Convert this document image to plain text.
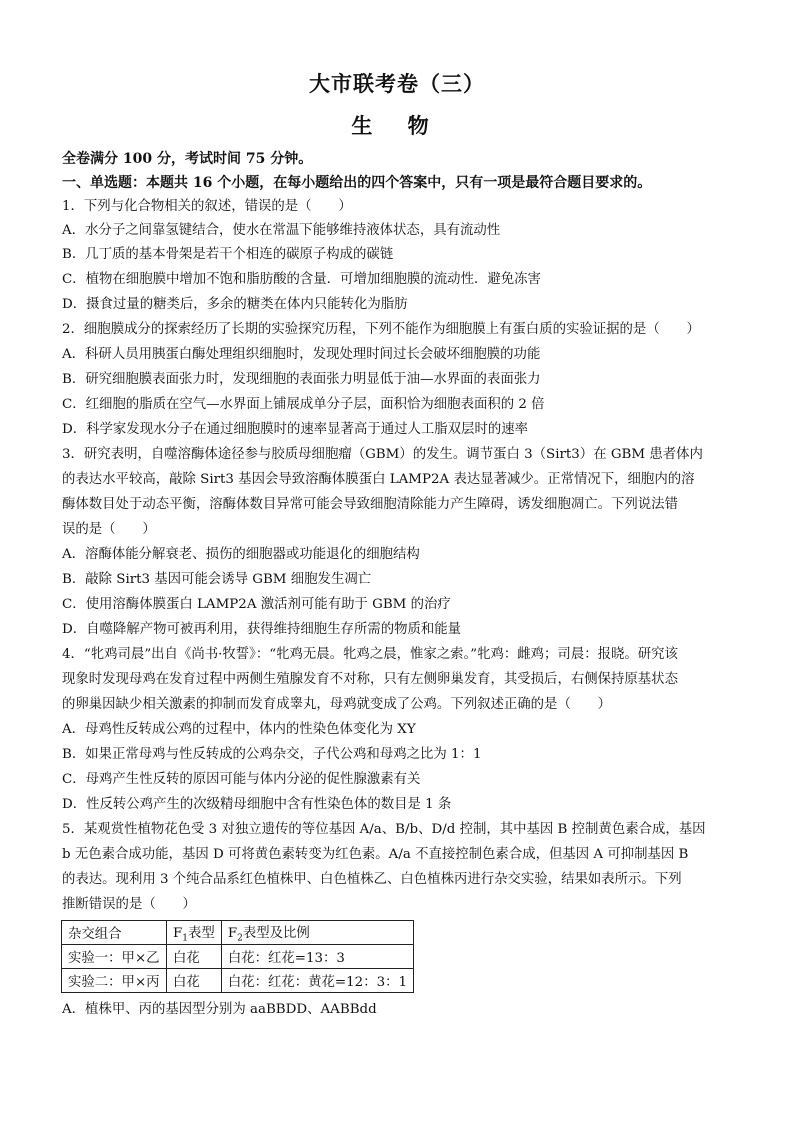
大市联考卷（三）
生 物
全卷满分 100 分，考试时间 75 分钟。
一、单选题：本题共 16 个小题，在每小题给出的四个答案中，只有一项是最符合题目要求的。
1．下列与化合物相关的叙述，错误的是（　　）
A．水分子之间靠氢键结合，使水在常温下能够维持液体状态，具有流动性
B．几丁质的基本骨架是若干个相连的碳原子构成的碳链
C．植物在细胞膜中增加不饱和脂肪酸的含量．可增加细胞膜的流动性．避免冻害
D．摄食过量的糖类后，多余的糖类在体内只能转化为脂肪
2．细胞膜成分的探索经历了长期的实验探究历程，下列不能作为细胞膜上有蛋白质的实验证据的是（　　）
A．科研人员用胰蛋白酶处理组织细胞时，发现处理时间过长会破坏细胞膜的功能
B．研究细胞膜表面张力时，发现细胞的表面张力明显低于油—水界面的表面张力
C．红细胞的脂质在空气—水界面上铺展成单分子层，面积恰为细胞表面积的 2 倍
D．科学家发现水分子在通过细胞膜时的速率显著高于通过人工脂双层时的速率
3．研究表明，自噬溶酶体途径参与胶质母细胞瘤（GBM）的发生。调节蛋白 3（Sirt3）在 GBM 患者体内
的表达水平较高，敲除 Sirt3 基因会导致溶酶体膜蛋白 LAMP2A 表达显著减少。正常情况下，细胞内的溶
酶体数目处于动态平衡，溶酶体数目异常可能会导致细胞清除能力产生障碍，诱发细胞凋亡。下列说法错
误的是（　　）
A．溶酶体能分解衰老、损伤的细胞器或功能退化的细胞结构
B．敲除 Sirt3 基因可能会诱导 GBM 细胞发生凋亡
C．使用溶酶体膜蛋白 LAMP2A 激活剂可能有助于 GBM 的治疗
D．自噬降解产物可被再利用，获得维持细胞生存所需的物质和能量
4．“牝鸡司晨”出自《尚书·牧誓》：“牝鸡无晨。牝鸡之晨，惟家之索。”牝鸡：雌鸡；司晨：报晓。研究该
现象时发现母鸡在发育过程中两侧生殖腺发育不对称，只有左侧卵巢发育，其受损后，右侧保持原基状态
的卵巢因缺少相关激素的抑制而发育成睾丸，母鸡就变成了公鸡。下列叙述正确的是（　　）
A．母鸡性反转成公鸡的过程中，体内的性染色体变化为 XY
B．如果正常母鸡与性反转成的公鸡杂交，子代公鸡和母鸡之比为 1：1
C．母鸡产生性反转的原因可能与体内分泌的促性腺激素有关
D．性反转公鸡产生的次级精母细胞中含有性染色体的数目是 1 条
5．某观赏性植物花色受 3 对独立遗传的等位基因 A/a、B/b、D/d 控制，其中基因 B 控制黄色素合成，基因
b 无色素合成功能，基因 D 可将黄色素转变为红色素。A/a 不直接控制色素合成，但基因 A 可抑制基因 B
的表达。现利用 3 个纯合品系红色植株甲、白色植株乙、白色植株丙进行杂交实验，结果如表所示。下列
推断错误的是（　　）
杂交组合	$F_1$表型	$F_2$表型及比例
实验一：甲×乙	白花	白花：红花=13：3
实验二：甲×丙	白花	白花：红花：黄花=12：3：1
A．植株甲、丙的基因型分别为 aaBBDD、AABBdd
